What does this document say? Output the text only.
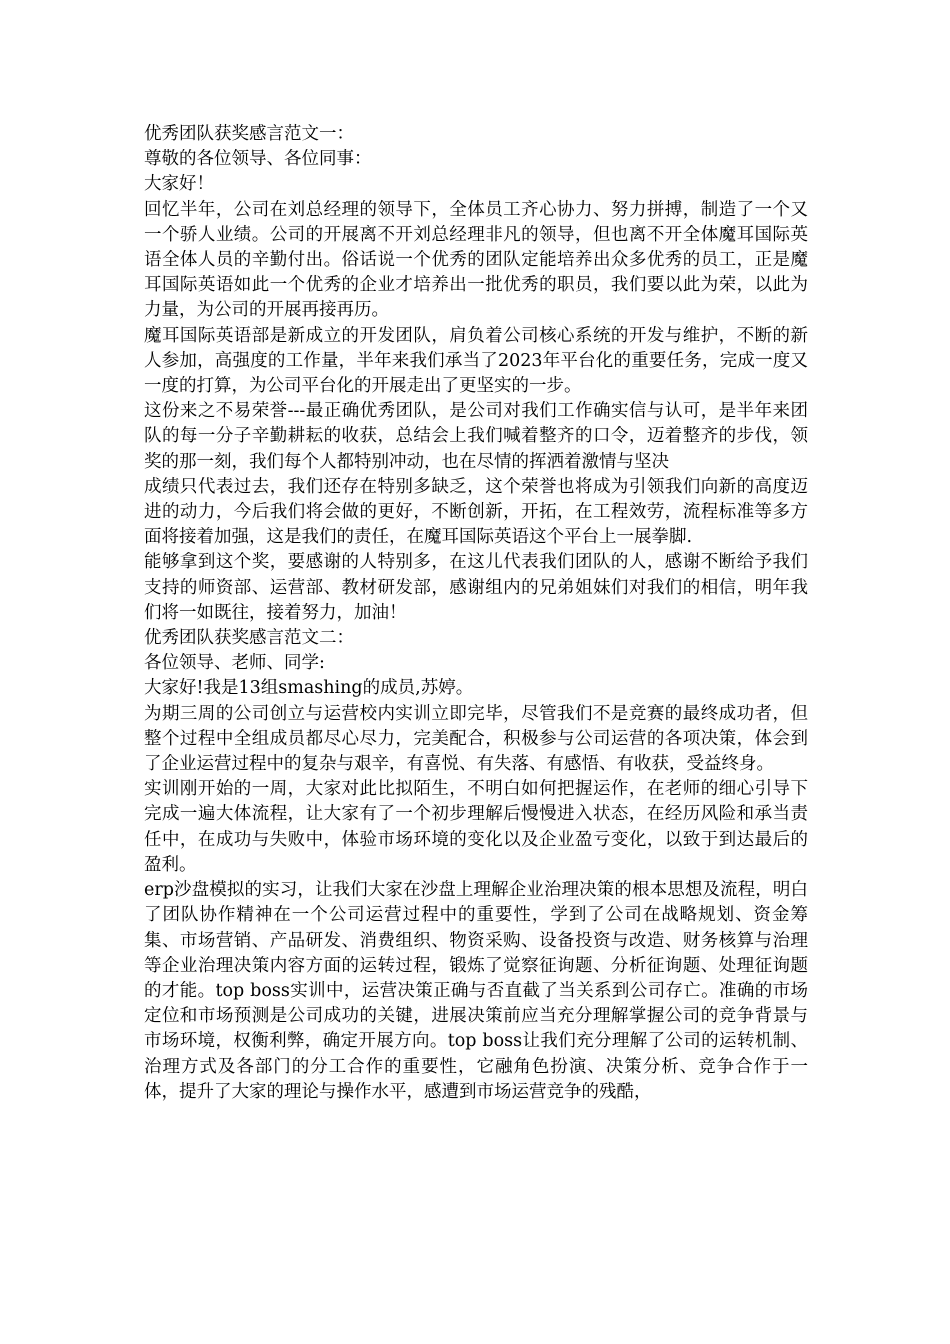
优秀团队获奖感言范文一：

尊敬的各位领导、各位同事：

大家好！

回忆半年，公司在刘总经理的领导下，全体员工齐心协力、努力拼搏，制造了一个又一个骄人业绩。公司的开展离不开刘总经理非凡的领导，但也离不开全体魔耳国际英语全体人员的辛勤付出。俗话说一个优秀的团队定能培养出众多优秀的员工，正是魔耳国际英语如此一个优秀的企业才培养出一批优秀的职员，我们要以此为荣，以此为力量，为公司的开展再接再历。

魔耳国际英语部是新成立的开发团队，肩负着公司核心系统的开发与维护，不断的新人参加，高强度的工作量，半年来我们承当了2023年平台化的重要任务，完成一度又一度的打算，为公司平台化的开展走出了更坚实的一步。

这份来之不易荣誉---最正确优秀团队，是公司对我们工作确实信与认可，是半年来团队的每一分子辛勤耕耘的收获，总结会上我们喊着整齐的口令，迈着整齐的步伐，领奖的那一刻，我们每个人都特别冲动，也在尽情的挥洒着激情与坚决

成绩只代表过去，我们还存在特别多缺乏，这个荣誉也将成为引领我们向新的高度迈进的动力，今后我们将会做的更好，不断创新，开拓，在工程效劳，流程标准等多方面将接着加强，这是我们的责任，在魔耳国际英语这个平台上一展拳脚.

能够拿到这个奖，要感谢的人特别多，在这儿代表我们团队的人，感谢不断给予我们支持的师资部、运营部、教材研发部，感谢组内的兄弟姐妹们对我们的相信，明年我们将一如既往，接着努力，加油！

优秀团队获奖感言范文二：

各位领导、老师、同学:

大家好!我是13组smashing的成员,苏婷。

为期三周的公司创立与运营校内实训立即完毕，尽管我们不是竞赛的最终成功者，但整个过程中全组成员都尽心尽力，完美配合，积极参与公司运营的各项决策，体会到了企业运营过程中的复杂与艰辛，有喜悦、有失落、有感悟、有收获，受益终身。

实训刚开始的一周，大家对此比拟陌生，不明白如何把握运作，在老师的细心引导下完成一遍大体流程，让大家有了一个初步理解后慢慢进入状态，在经历风险和承当责任中，在成功与失败中，体验市场环境的变化以及企业盈亏变化，以致于到达最后的盈利。

erp沙盘模拟的实习，让我们大家在沙盘上理解企业治理决策的根本思想及流程，明白了团队协作精神在一个公司运营过程中的重要性，学到了公司在战略规划、资金筹集、市场营销、产品研发、消费组织、物资采购、设备投资与改造、财务核算与治理等企业治理决策内容方面的运转过程，锻炼了觉察征询题、分析征询题、处理征询题的才能。top boss实训中，运营决策正确与否直截了当关系到公司存亡。准确的市场定位和市场预测是公司成功的关键，进展决策前应当充分理解掌握公司的竞争背景与市场环境，权衡利弊，确定开展方向。top boss让我们充分理解了公司的运转机制、治理方式及各部门的分工合作的重要性，它融角色扮演、决策分析、竞争合作于一体，提升了大家的理论与操作水平，感遭到市场运营竞争的残酷，
